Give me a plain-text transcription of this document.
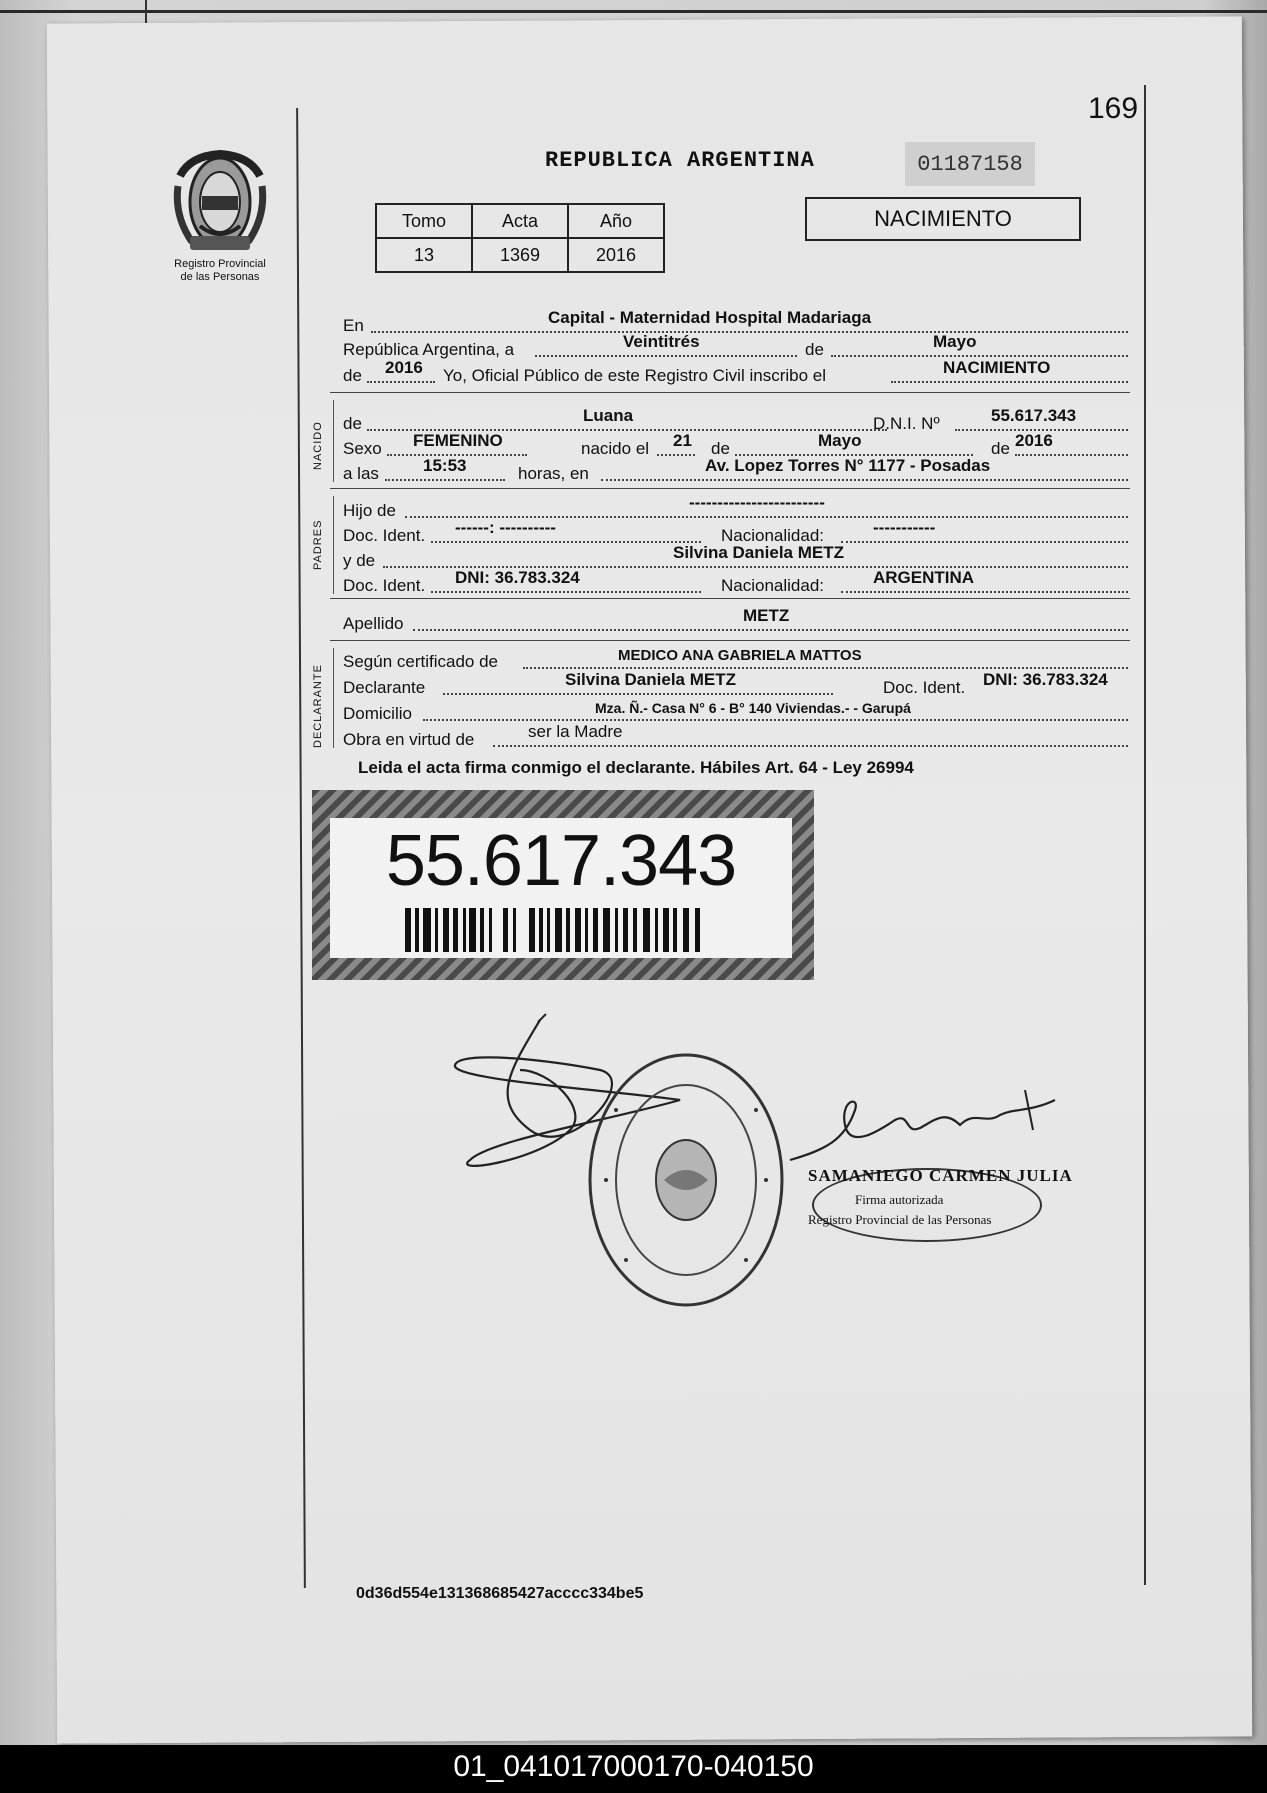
169
Registro Provincial
de las Personas
REPUBLICA ARGENTINA	01187158
Tomo	Acta	Año
13	1369	2016
NACIMIENTO
En	Capital - Maternidad Hospital Madariaga
República Argentina, a	Veintitrés	de	Mayo
de 2016 Yo, Oficial Público de este Registro Civil inscribo el	NACIMIENTO
NACIDO de	Luana	D.N.I. Nº	55.617.343
Sexo FEMENINO	nacido el 21 de	Mayo	de 2016
a las	15:53	horas, en	Av. Lopez Torres N° 1177 - Posadas
PADRES
Hijo de	------------------------
Doc. Ident. ------: ----------	Nacionalidad:	-----------
y de	Silvina Daniela METZ
Doc. Ident. DNI: 36.783.324	Nacionalidad:	ARGENTINA
Apellido	METZ
DECLARANTE
Según certificado de	MEDICO ANA GABRIELA MATTOS
Declarante	Silvina Daniela METZ	Doc. Ident. DNI: 36.783.324
Domicilio	Mza. Ñ.- Casa N° 6 - B° 140 Viviendas.- - Garupá
Obra en virtud de	ser la Madre
Leida el acta firma conmigo el declarante. Hábiles Art. 64 - Ley 26994
55.617.343
SAMANIEGO CARMEN JULIA
Firma autorizada
Registro Provincial de las Personas
0d36d554e131368685427acccc334be5
01_041017000170-040150
